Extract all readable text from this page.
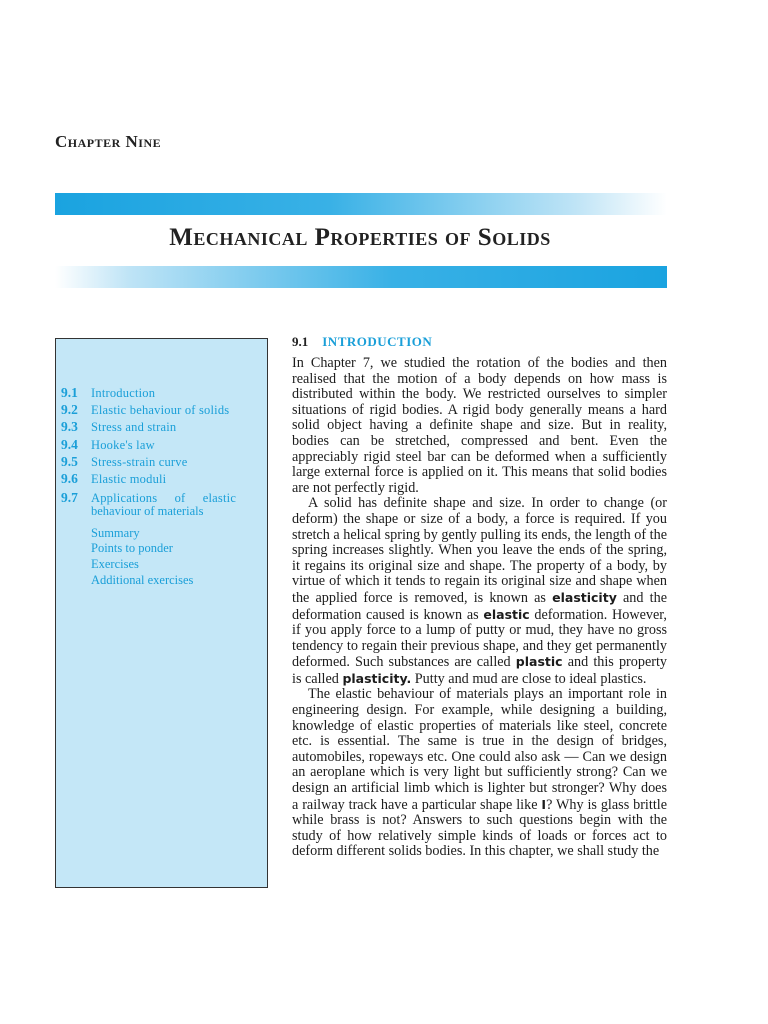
Chapter Nine
Mechanical Properties of Solids
9.1 Introduction
9.2 Elastic behaviour of solids
9.3 Stress and strain
9.4 Hooke's law
9.5 Stress-strain curve
9.6 Elastic moduli
9.7 Applications of elastic
behaviour of materials
Summary
Points to ponder
Exercises
Additional exercises
9.1 INTRODUCTION

In Chapter 7, we studied the rotation of the bodies and then realised that the motion of a body depends on how mass is distributed within the body. We restricted ourselves to simpler situations of rigid bodies. A rigid body generally means a hard solid object having a definite shape and size. But in reality, bodies can be stretched, compressed and bent. Even the appreciably rigid steel bar can be deformed when a sufficiently large external force is applied on it. This means that solid bodies are not perfectly rigid.

A solid has definite shape and size. In order to change (or deform) the shape or size of a body, a force is required. If you stretch a helical spring by gently pulling its ends, the length of the spring increases slightly. When you leave the ends of the spring, it regains its original size and shape. The property of a body, by virtue of which it tends to regain its original size and shape when the applied force is removed, is known as elasticity and the deformation caused is known as elastic deformation. However, if you apply force to a lump of putty or mud, they have no gross tendency to regain their previous shape, and they get permanently deformed. Such substances are called plastic and this property is called plasticity. Putty and mud are close to ideal plastics.

The elastic behaviour of materials plays an important role in engineering design. For example, while designing a building, knowledge of elastic properties of materials like steel, concrete etc. is essential. The same is true in the design of bridges, automobiles, ropeways etc. One could also ask — Can we design an aeroplane which is very light but sufficiently strong? Can we design an artificial limb which is lighter but stronger? Why does a railway track have a particular shape like I? Why is glass brittle while brass is not? Answers to such questions begin with the study of how relatively simple kinds of loads or forces act to deform different solids bodies. In this chapter, we shall study the
